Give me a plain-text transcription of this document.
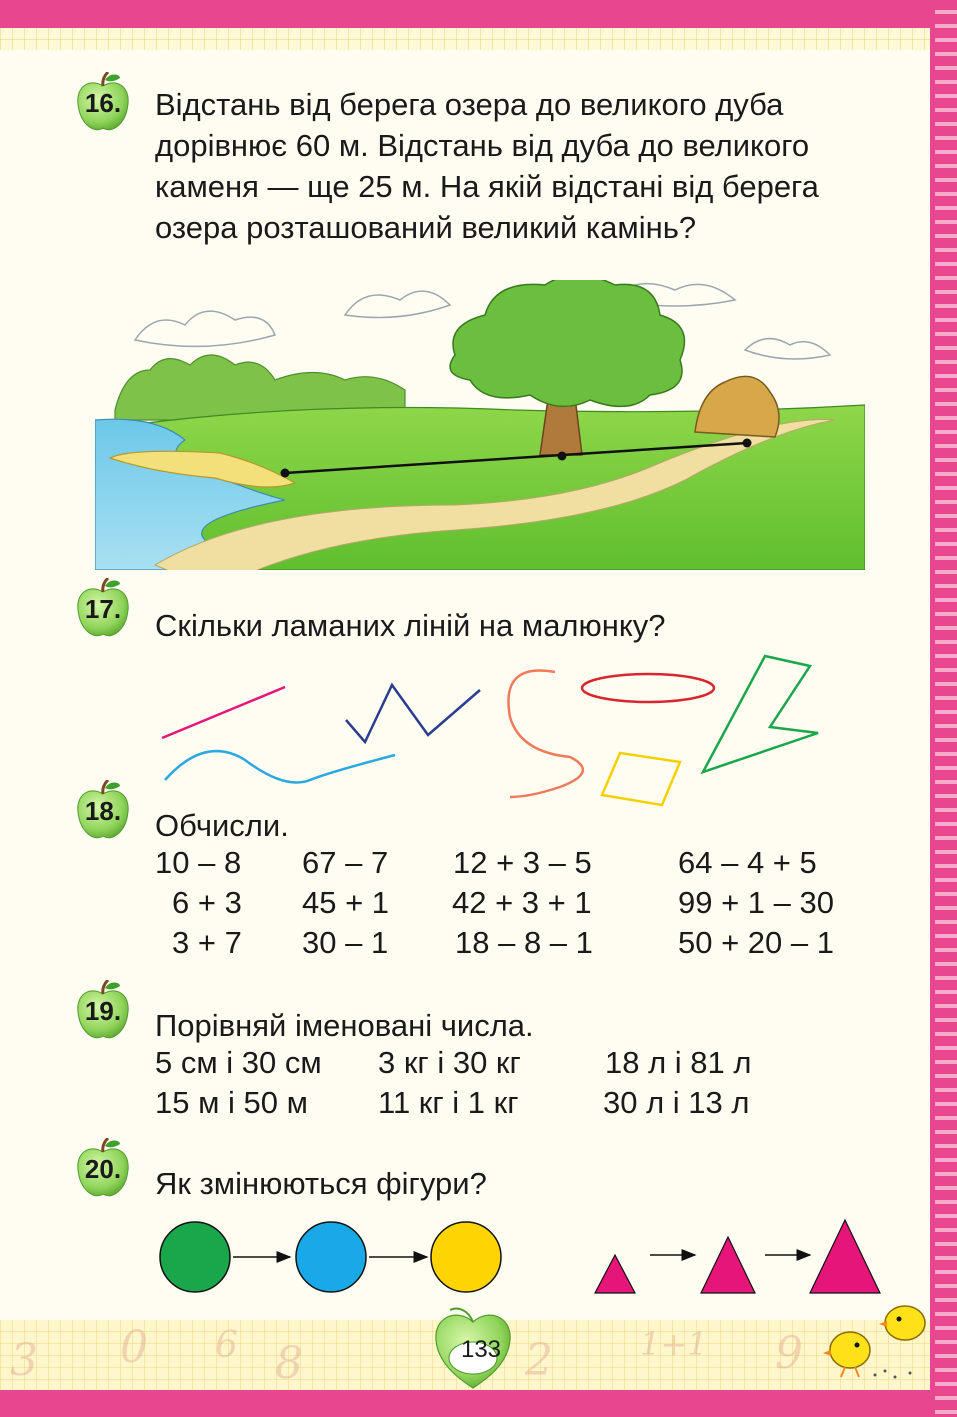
3 0 6 8	2	1+1 9
16.
17.
18.
19.
20.
Відстань від берега озера до великого дуба
дорівнює 60 м. Відстань від дуба до великого
каменя — ще 25 м. На якій відстані від берега
озера розташований великий камінь?
Скільки ламаних ліній на малюнку?
Обчисли.
10 – 8
6 + 3
3 + 7
67 – 7
45 + 1
30 – 1
12 + 3 – 5
42 + 3 + 1
18 – 8 – 1
64 – 4 + 5
99 + 1 – 30
50 + 20 – 1
Порівняй іменовані числа.
5 см і 30 см
15 м і 50 м
3 кг і 30 кг
11 кг і 1 кг
18 л і 81 л
30 л і 13 л
Як змінюються фігури?
133
